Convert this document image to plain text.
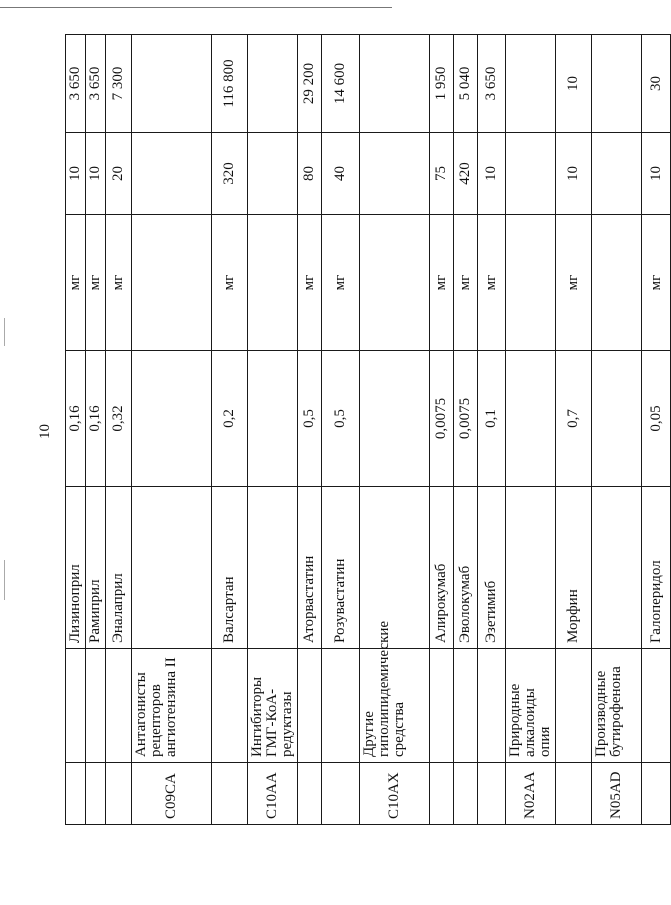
10
		Лизиноприл	0,16	мг	10	3 650
		Рамиприл	0,16	мг	10	3 650
		Эналаприл	0,32	мг	20	7 300
C09CA	Антагонисты рецепторов ангиотензина II					
		Валсартан	0,2	мг	320	116 800
C10AA	Ингибиторы ГМГ-КоА-редуктазы					
		Аторвастатин	0,5	мг	80	29 200
		Розувастатин	0,5	мг	40	14 600
C10AX	Другие гиполипидемические средства					
		Алирокумаб	0,0075	мг	75	1 950
		Эволокумаб	0,0075	мг	420	5 040
		Эзетимиб	0,1	мг	10	3 650
N02AA	Природные алкалоиды опия					
		Морфин	0,7	мг	10	10
N05AD	Производные бутирофенона					
		Галоперидол	0,05	мг	10	30
